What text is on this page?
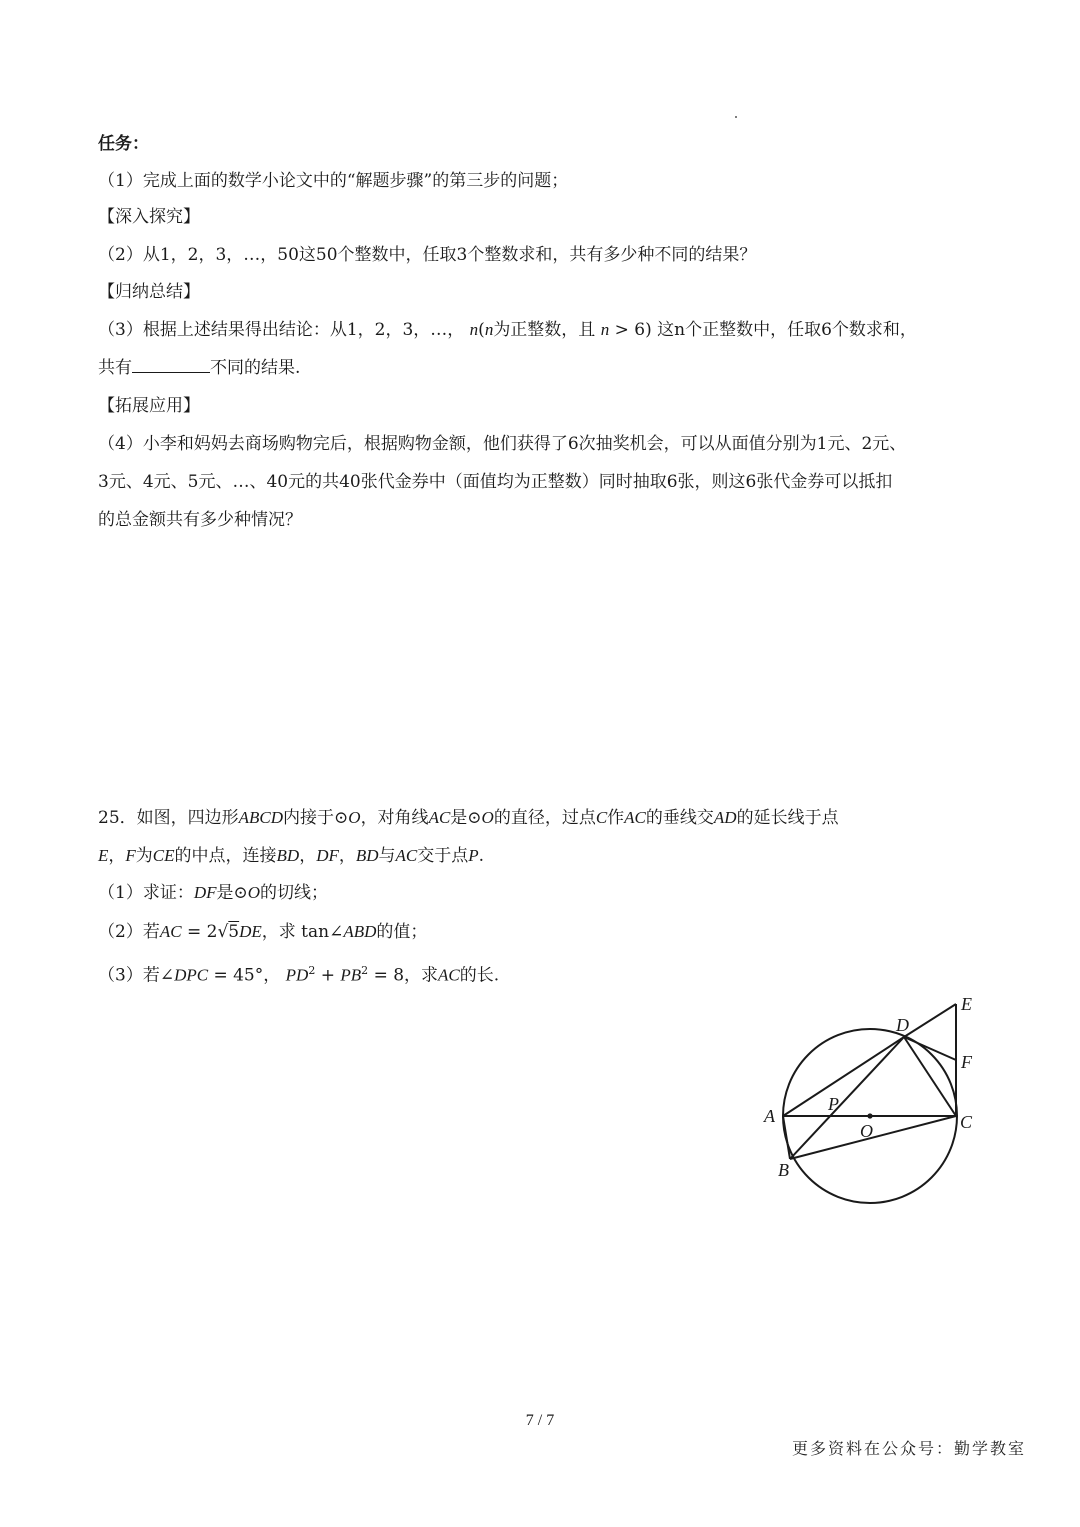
任务：
（1）完成上面的数学小论文中的“解题步骤”的第三步的问题；
【深入探究】
（2）从1，2，3，…，50这50个整数中，任取3个整数求和，共有多少种不同的结果？
【归纳总结】
（3）根据上述结果得出结论：从1，2，3，…， n(n为正整数，且 n > 6) 这n个正整数中，任取6个数求和，
共有	不同的结果.
【拓展应用】
（4）小李和妈妈去商场购物完后，根据购物金额，他们获得了6次抽奖机会，可以从面值分别为1元、2元、
3元、4元、5元、…、40元的共40张代金券中（面值均为正整数）同时抽取6张，则这6张代金券可以抵扣
的总金额共有多少种情况？
25．如图，四边形ABCD内接于⊙O，对角线AC是⊙O的直径，过点C作AC的垂线交AD的延长线于点
E，F为CE的中点，连接BD，DF，BD与AC交于点P.
（1）求证：DF是⊙O的切线；
（2）若AC = 2√5DE，求 tan∠ABD的值；
（3）若∠DPC = 45°， $PD^2 + PB^2 = 8$，求AC的长.
A
B
C
D
E
F
O
P
7 / 7
更多资料在公众号：勤学教室
